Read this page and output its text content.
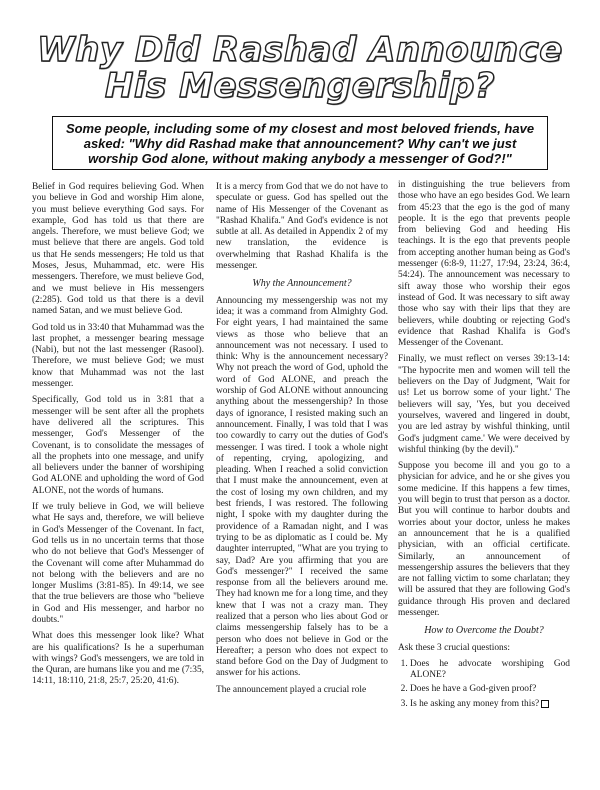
Why Did Rashad Announce
His Messengership?
Some people, including some of my closest and most beloved friends, have asked: "Why did Rashad make that announcement? Why can't we just worship God alone, without making anybody a messenger of God?!"

Belief in God requires believing God. When you believe in God and worship Him alone, you must believe everything God says. For example, God has told us that there are angels. Therefore, we must believe God; we must believe that there are angels. God told us that He sends messengers; He told us that Moses, Jesus, Muhammad, etc. were His messengers. Therefore, we must believe God, and we must believe in His messengers (2:285). God told us that there is a devil named Satan, and we must believe God.

God told us in 33:40 that Muhammad was the last prophet, a messenger bearing message (Nabi), but not the last messenger (Rasool). Therefore, we must believe God; we must know that Muhammad was not the last messenger.

Specifically, God told us in 3:81 that a messenger will be sent after all the prophets have delivered all the scriptures. This messenger, God's Messenger of the Covenant, is to consolidate the messages of all the prophets into one message, and unify all believers under the banner of worshiping God ALONE and upholding the word of God ALONE, not the words of humans.

If we truly believe in God, we will believe what He says and, therefore, we will believe in God's Messenger of the Covenant. In fact, God tells us in no uncertain terms that those who do not believe that God's Messenger of the Covenant will come after Muhammad do not belong with the believers and are no longer Muslims (3:81-85). In 49:14, we see that the true believers are those who "believe in God and His messenger, and harbor no doubts."

What does this messenger look like? What are his qualifications? Is he a superhuman with wings? God's messengers, we are told in the Quran, are humans like you and me (7:35, 14:11, 18:110, 21:8, 25:7, 25:20, 41:6).

It is a mercy from God that we do not have to speculate or guess. God has spelled out the name of His Messenger of the Covenant as "Rashad Khalifa." And God's evidence is not subtle at all. As detailed in Appendix 2 of my new translation, the evidence is overwhelming that Rashad Khalifa is the messenger.

Why the Announcement?

Announcing my messengership was not my idea; it was a command from Almighty God. For eight years, I had maintained the same views as those who believe that an announcement was not necessary. I used to think: Why is the announcement necessary? Why not preach the word of God, uphold the word of God ALONE, and preach the worship of God ALONE without announcing anything about the messengership? In those days of ignorance, I resisted making such an announcement. Finally, I was told that I was too cowardly to carry out the duties of God's messenger. I was tired. I took a whole night of repenting, crying, apologizing, and pleading. When I reached a solid conviction that I must make the announcement, even at the cost of losing my own children, and my best friends, I was restored. The following night, I spoke with my daughter during the providence of a Ramadan night, and I was trying to be as diplomatic as I could be. My daughter interrupted, "What are you trying to say, Dad? Are you affirming that you are God's messenger?" I received the same response from all the believers around me. They had known me for a long time, and they knew that I was not a crazy man. They realized that a person who lies about God or claims messengership falsely has to be a person who does not believe in God or the Hereafter; a person who does not expect to stand before God on the Day of Judgment to answer for his actions.

The announcement played a crucial role

in distinguishing the true believers from those who have an ego besides God. We learn from 45:23 that the ego is the god of many people. It is the ego that prevents people from believing God and heeding His teachings. It is the ego that prevents people from accepting another human being as God's messenger (6:8-9, 11:27, 17:94, 23:24, 36:4, 54:24). The announcement was necessary to sift away those who worship their egos instead of God. It was necessary to sift away those who say with their lips that they are believers, while doubting or rejecting God's evidence that Rashad Khalifa is God's Messenger of the Covenant.

Finally, we must reflect on verses 39:13-14: "The hypocrite men and women will tell the believers on the Day of Judgment, 'Wait for us! Let us borrow some of your light.' The believers will say, 'Yes, but you deceived yourselves, wavered and lingered in doubt, you are led astray by wishful thinking, until God's judgment came.' We were deceived by wishful thinking (by the devil)."

Suppose you become ill and you go to a physician for advice, and he or she gives you some medicine. If this happens a few times, you will begin to trust that person as a doctor. But you will continue to harbor doubts and worries about your doctor, unless he makes an announcement that he is a qualified physician, with an official certificate. Similarly, an announcement of messengership assures the believers that they are not falling victim to some charlatan; they will be assured that they are following God's guidance through His proven and declared messenger.

How to Overcome the Doubt?

Ask these 3 crucial questions:

1. Does he advocate worshiping God ALONE?
2. Does he have a God-given proof?
3. Is he asking any money from this?
